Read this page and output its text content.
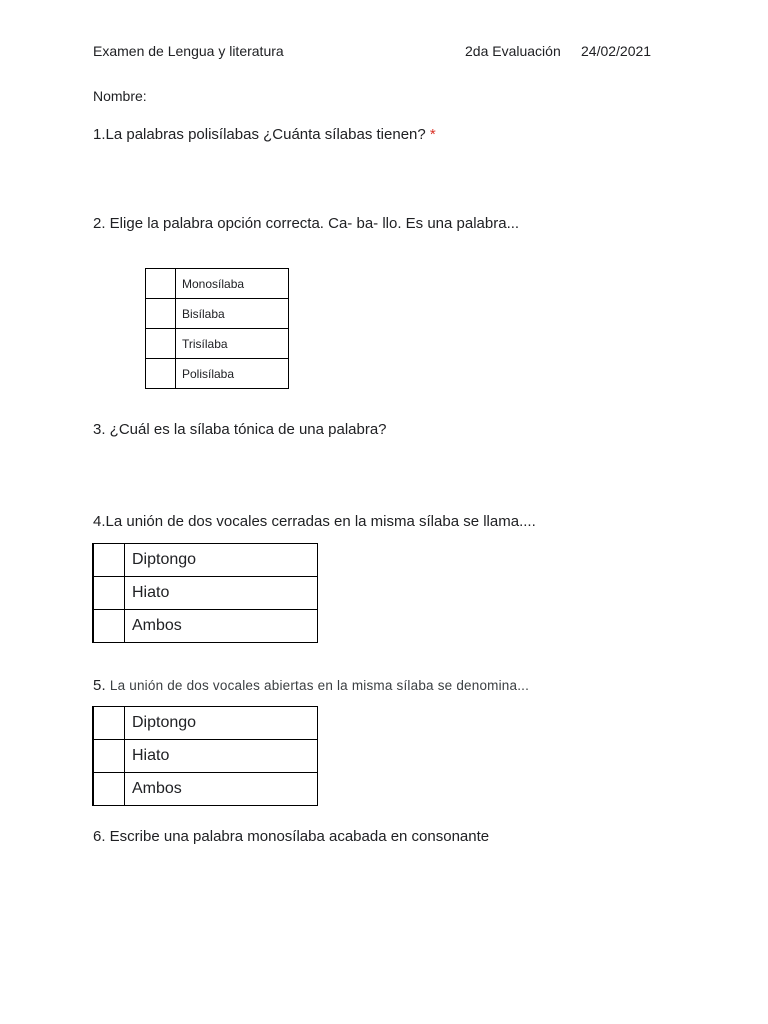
Examen de Lengua y literatura	2da Evaluación 24/02/2021
Nombre:
1.La palabras polisílabas ¿Cuánta sílabas tienen? *
2. Elige la palabra opción correcta. Ca- ba- llo. Es una palabra...
	Monosílaba
	Bisílaba
	Trisílaba
	Polisílaba
3. ¿Cuál es la sílaba tónica de una palabra?
4.La unión de dos vocales cerradas en la misma sílaba se llama....
	Diptongo
	Hiato
	Ambos
5. La unión de dos vocales abiertas en la misma sílaba se denomina...
	Diptongo
	Hiato
	Ambos
6. Escribe una palabra monosílaba acabada en consonante
